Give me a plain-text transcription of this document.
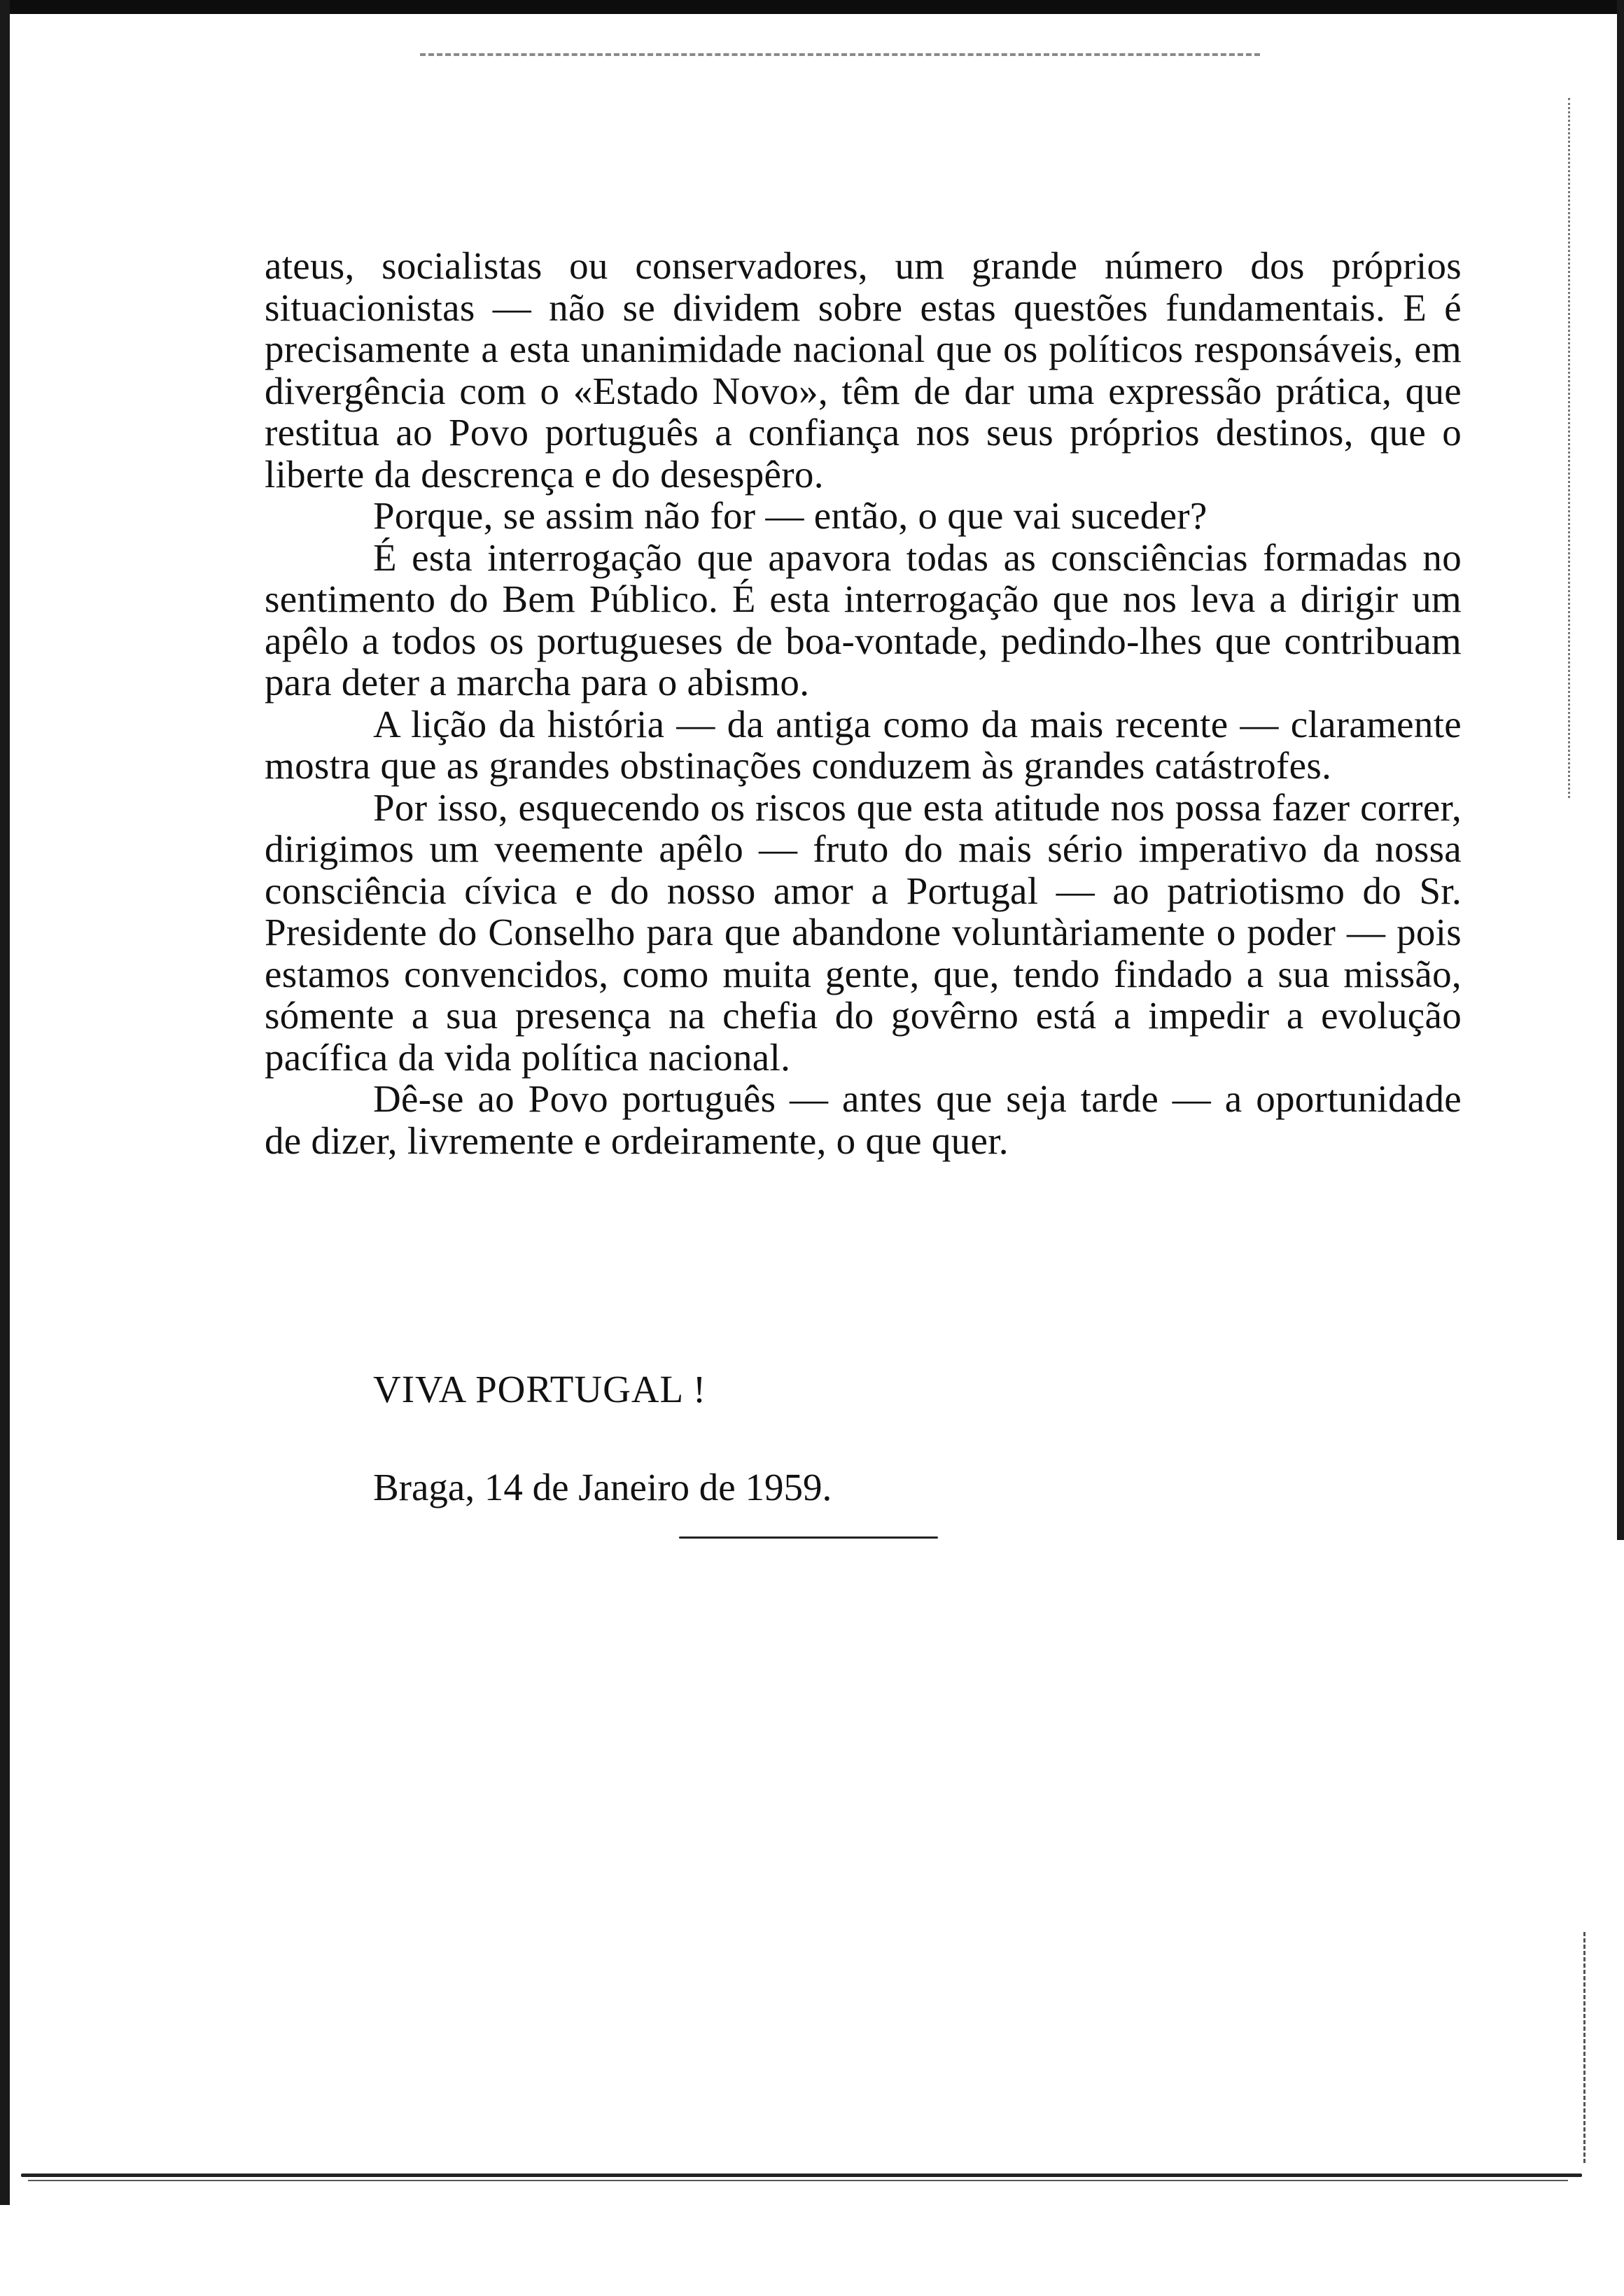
ateus, socialistas ou conservadores, um grande número dos próprios situacionistas — não se dividem sobre estas questões fundamentais. E é precisamente a esta unanimidade nacional que os políticos responsáveis, em divergência com o «Estado Novo», têm de dar uma expressão prática, que restitua ao Povo português a confiança nos seus próprios destinos, que o liberte da descrença e do desespêro.

Porque, se assim não for — então, o que vai suceder?

É esta interrogação que apavora todas as consciências formadas no sentimento do Bem Público. É esta interrogação que nos leva a dirigir um apêlo a todos os portugueses de boa-vontade, pedindo-lhes que contribuam para deter a marcha para o abismo.

A lição da história — da antiga como da mais recente — claramente mostra que as grandes obstinações conduzem às grandes catástrofes.

Por isso, esquecendo os riscos que esta atitude nos possa fazer correr, dirigimos um veemente apêlo — fruto do mais sério imperativo da nossa consciência cívica e do nosso amor a Portugal — ao patriotismo do Sr. Presidente do Conselho para que abandone voluntàriamente o poder — pois estamos convencidos, como muita gente, que, tendo findado a sua missão, sómente a sua presença na chefia do govêrno está a impedir a evolução pacífica da vida política nacional.

Dê-se ao Povo português — antes que seja tarde — a oportunidade de dizer, livremente e ordeiramente, o que quer.

VIVA PORTUGAL !
Braga, 14 de Janeiro de 1959.
